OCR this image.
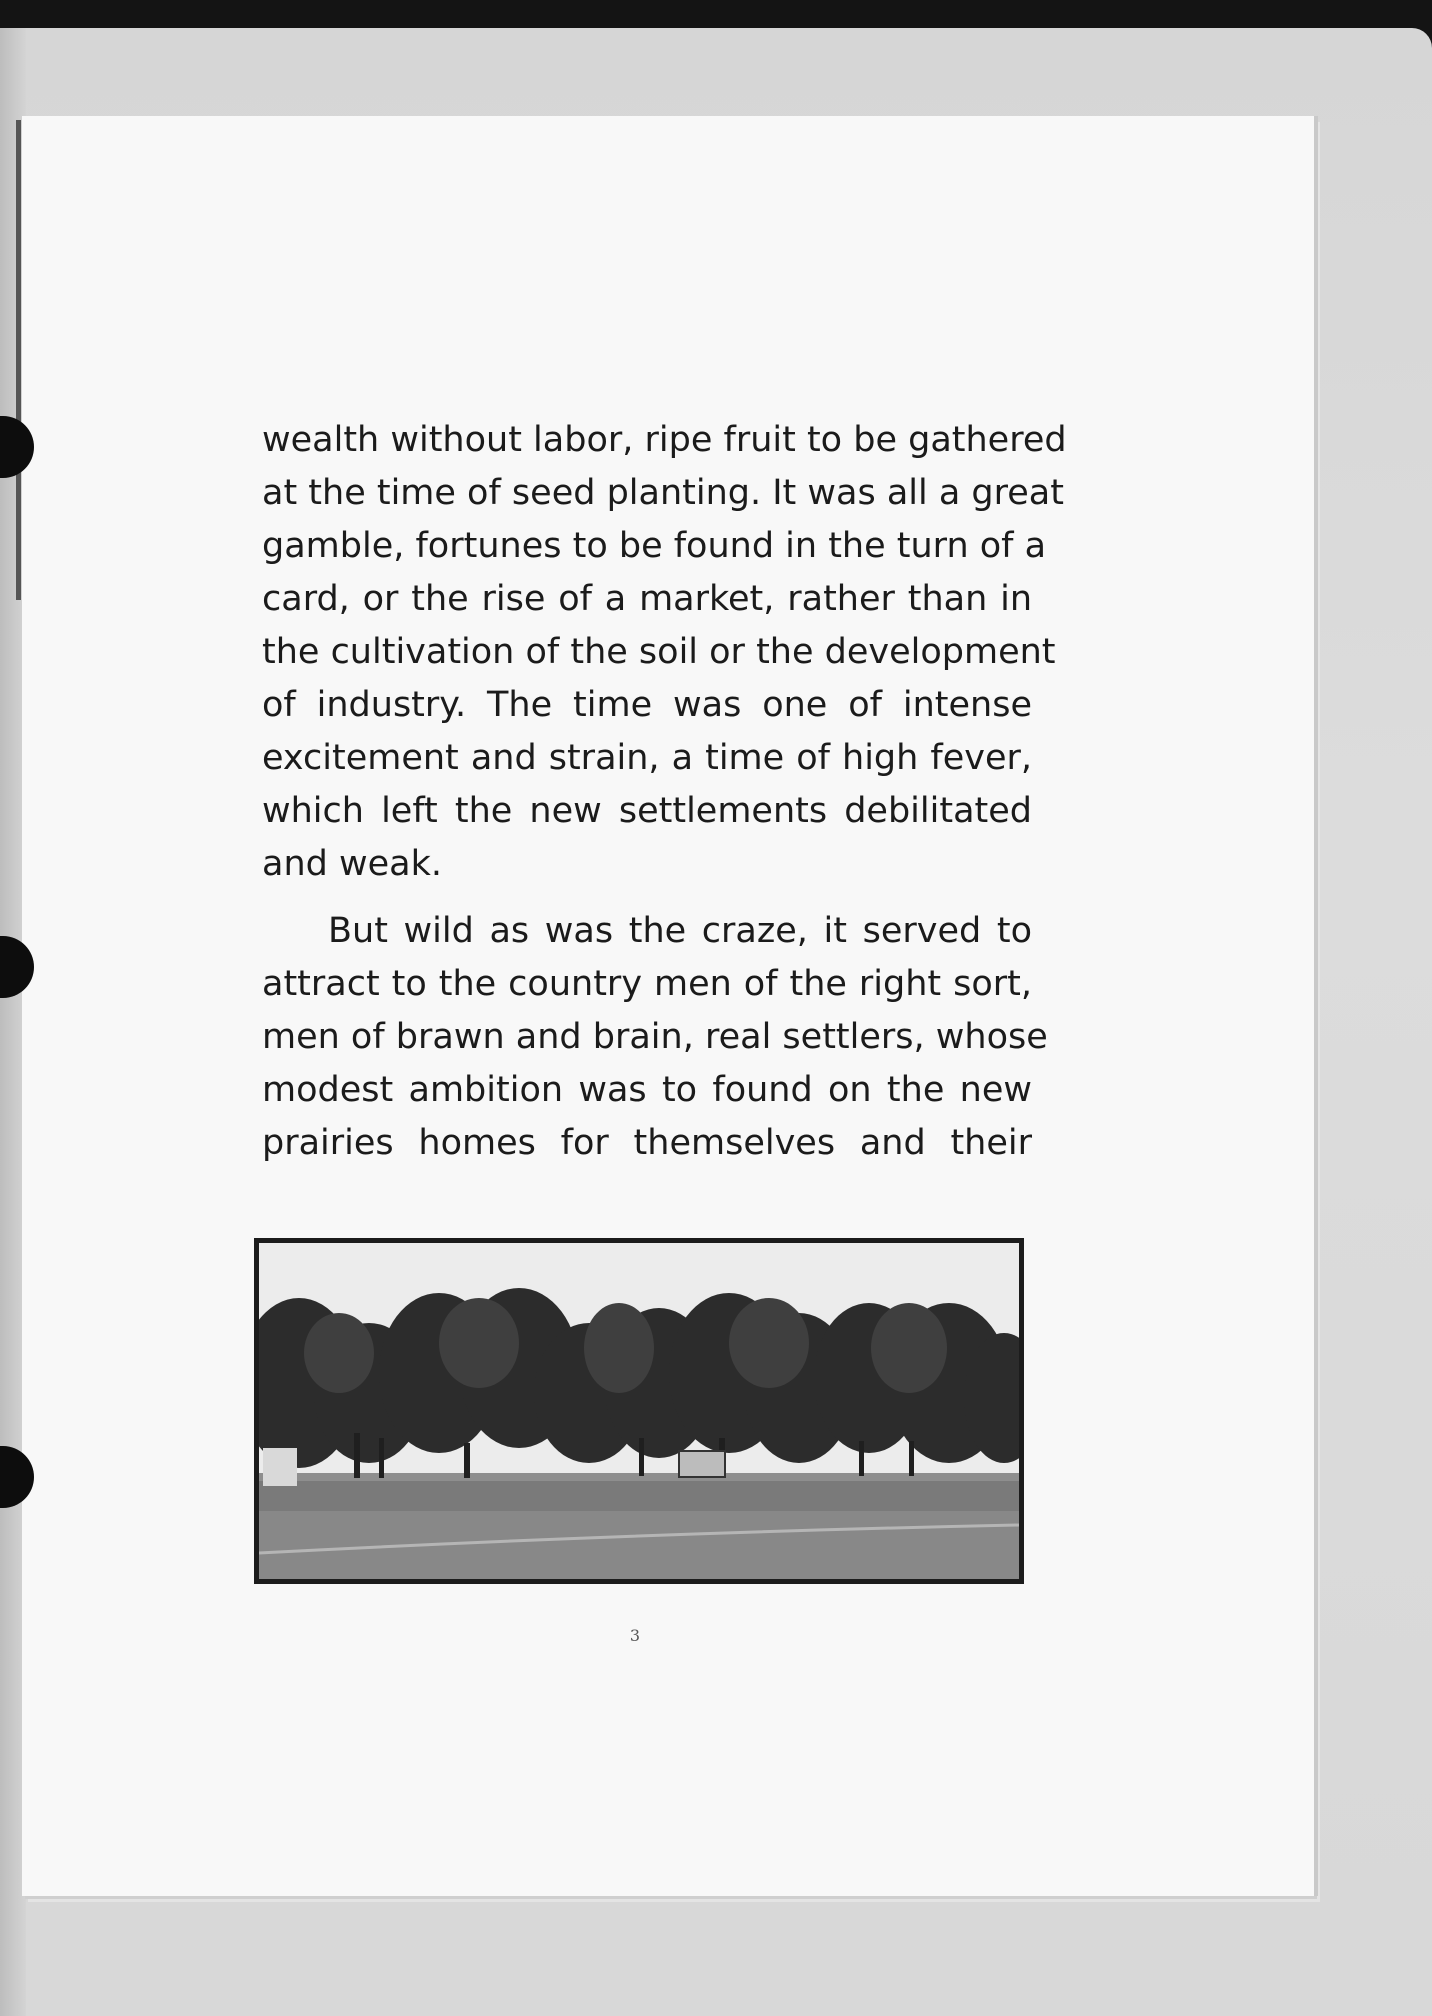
wealth without labor, ripe fruit to be gathered
at the time of seed planting. It was all a great
gamble, fortunes to be found in the turn of a
card, or the rise of a market, rather than in
the cultivation of the soil or the development
of industry. The time was one of intense
excitement and strain, a time of high fever,
which left the new settlements debilitated
and weak.
But wild as was the craze, it served to
attract to the country men of the right sort,
men of brawn and brain, real settlers, whose
modest ambition was to found on the new
prairies homes for themselves and their
3
